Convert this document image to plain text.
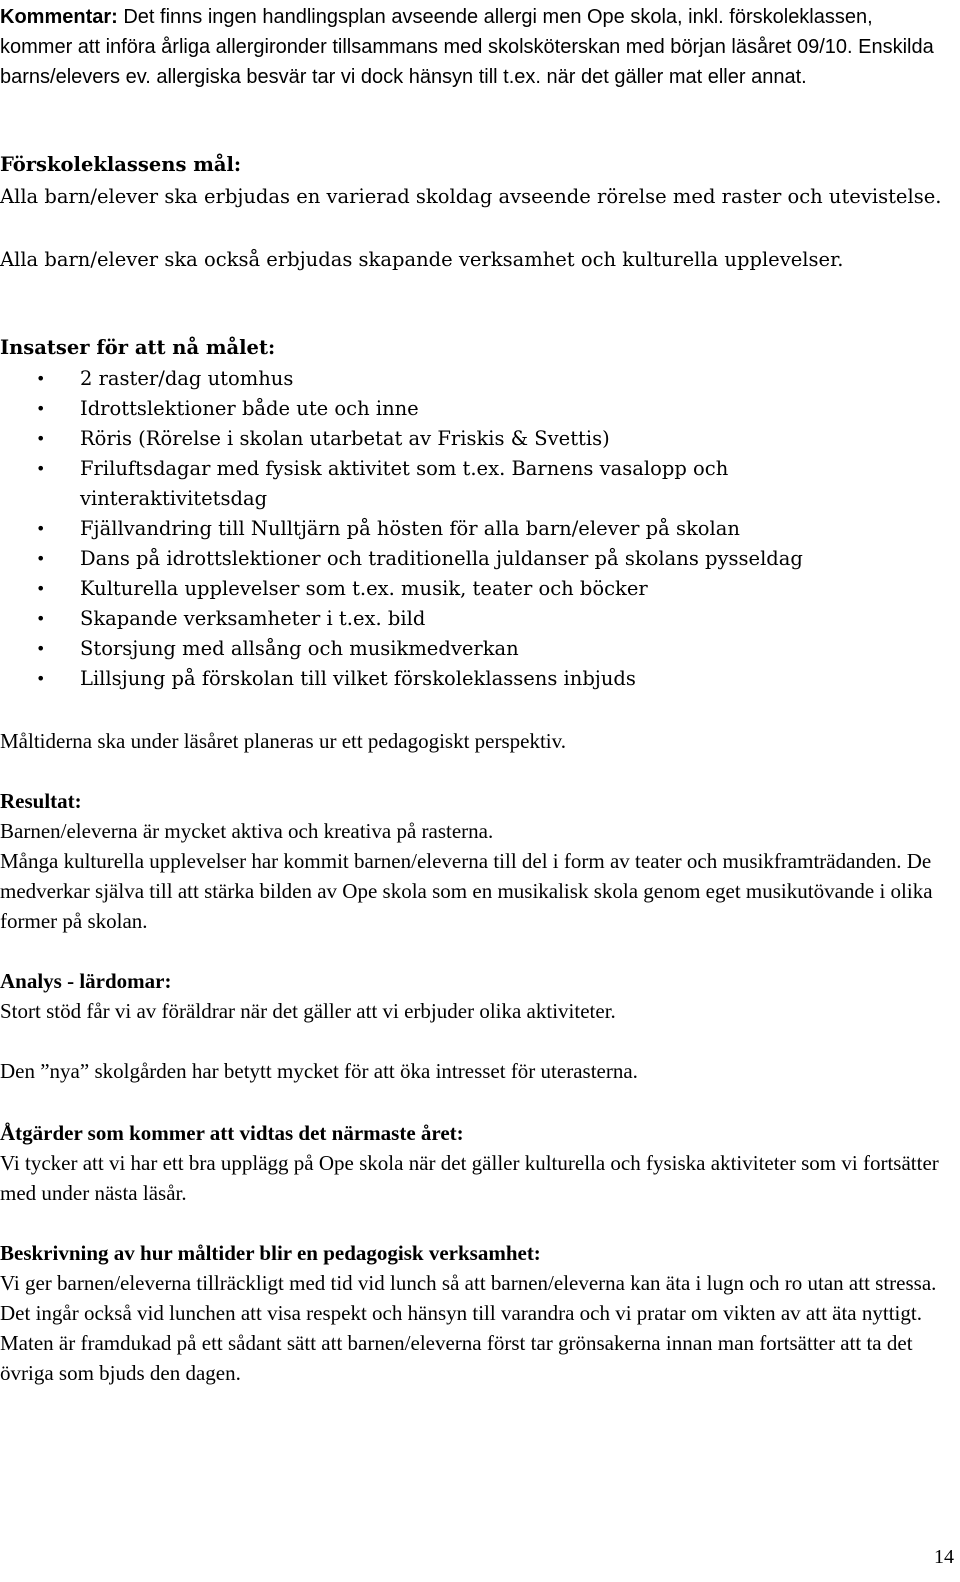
Kommentar: Det finns ingen handlingsplan avseende allergi men Ope skola, inkl. förskoleklassen, kommer att införa årliga allergironder tillsammans med skolsköterskan med början läsåret 09/10. Enskilda barns/elevers ev. allergiska besvär tar vi dock hänsyn till t.ex. när det gäller mat eller annat.

Förskoleklassens mål:

Alla barn/elever ska erbjudas en varierad skoldag avseende rörelse med raster och utevistelse.

Alla barn/elever ska också erbjudas skapande verksamhet och kulturella upplevelser.

Insatser för att nå målet:

• 2 raster/dag utomhus
• Idrottslektioner både ute och inne
• Röris (Rörelse i skolan utarbetat av Friskis & Svettis)
• Friluftsdagar med fysisk aktivitet som t.ex. Barnens vasalopp och vinteraktivitetsdag
• Fjällvandring till Nulltjärn på hösten för alla barn/elever på skolan
• Dans på idrottslektioner och traditionella juldanser på skolans pysseldag
• Kulturella upplevelser som t.ex. musik, teater och böcker
• Skapande verksamheter i t.ex. bild
• Storsjung med allsång och musikmedverkan
• Lillsjung på förskolan till vilket förskoleklassens inbjuds

Måltiderna ska under läsåret planeras ur ett pedagogiskt perspektiv.

Resultat:

Barnen/eleverna är mycket aktiva och kreativa på rasterna.

Många kulturella upplevelser har kommit barnen/eleverna till del i form av teater och musikframträdanden. De medverkar själva till att stärka bilden av Ope skola som en musikalisk skola genom eget musikutövande i olika former på skolan.

Analys - lärdomar:

Stort stöd får vi av föräldrar när det gäller att vi erbjuder olika aktiviteter.

Den ”nya” skolgården har betytt mycket för att öka intresset för uterasterna.

Åtgärder som kommer att vidtas det närmaste året:

Vi tycker att vi har ett bra upplägg på Ope skola när det gäller kulturella och fysiska aktiviteter som vi fortsätter med under nästa läsår.

Beskrivning av hur måltider blir en pedagogisk verksamhet:

Vi ger barnen/eleverna tillräckligt med tid vid lunch så att barnen/eleverna kan äta i lugn och ro utan att stressa. Det ingår också vid lunchen att visa respekt och hänsyn till varandra och vi pratar om vikten av att äta nyttigt. Maten är framdukad på ett sådant sätt att barnen/eleverna först tar grönsakerna innan man fortsätter att ta det övriga som bjuds den dagen.

14
